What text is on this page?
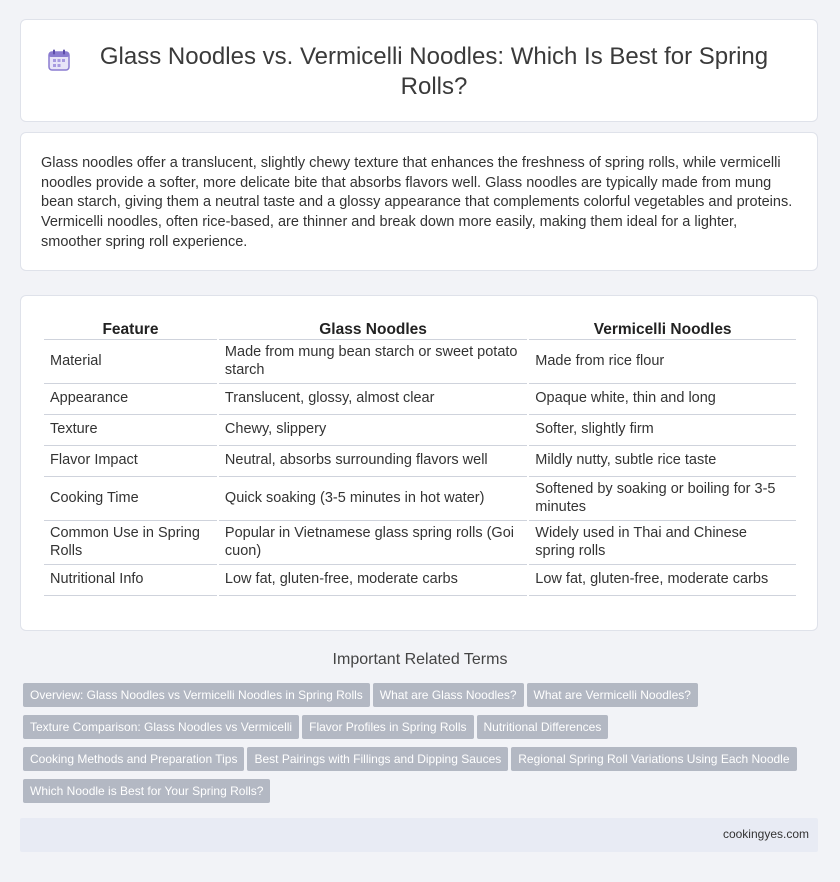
Glass Noodles vs. Vermicelli Noodles: Which Is Best for Spring Rolls?

Glass noodles offer a translucent, slightly chewy texture that enhances the freshness of spring rolls, while vermicelli noodles provide a softer, more delicate bite that absorbs flavors well. Glass noodles are typically made from mung bean starch, giving them a neutral taste and a glossy appearance that complements colorful vegetables and proteins. Vermicelli noodles, often rice-based, are thinner and break down more easily, making them ideal for a lighter, smoother spring roll experience.

Feature	Glass Noodles	Vermicelli Noodles
Material	Made from mung bean starch or sweet potato starch	Made from rice flour
Appearance	Translucent, glossy, almost clear	Opaque white, thin and long
Texture	Chewy, slippery	Softer, slightly firm
Flavor Impact	Neutral, absorbs surrounding flavors well	Mildly nutty, subtle rice taste
Cooking Time	Quick soaking (3-5 minutes in hot water)	Softened by soaking or boiling for 3-5 minutes
Common Use in Spring Rolls	Popular in Vietnamese glass spring rolls (Goi cuon)	Widely used in Thai and Chinese spring rolls
Nutritional Info	Low fat, gluten-free, moderate carbs	Low fat, gluten-free, moderate carbs
Important Related Terms
Overview: Glass Noodles vs Vermicelli Noodles in Spring Rolls What are Glass Noodles? What are Vermicelli Noodles?
Texture Comparison: Glass Noodles vs Vermicelli Flavor Profiles in Spring Rolls Nutritional Differences
Cooking Methods and Preparation Tips Best Pairings with Fillings and Dipping Sauces Regional Spring Roll Variations Using Each Noodle
Which Noodle is Best for Your Spring Rolls?
cookingyes.com
